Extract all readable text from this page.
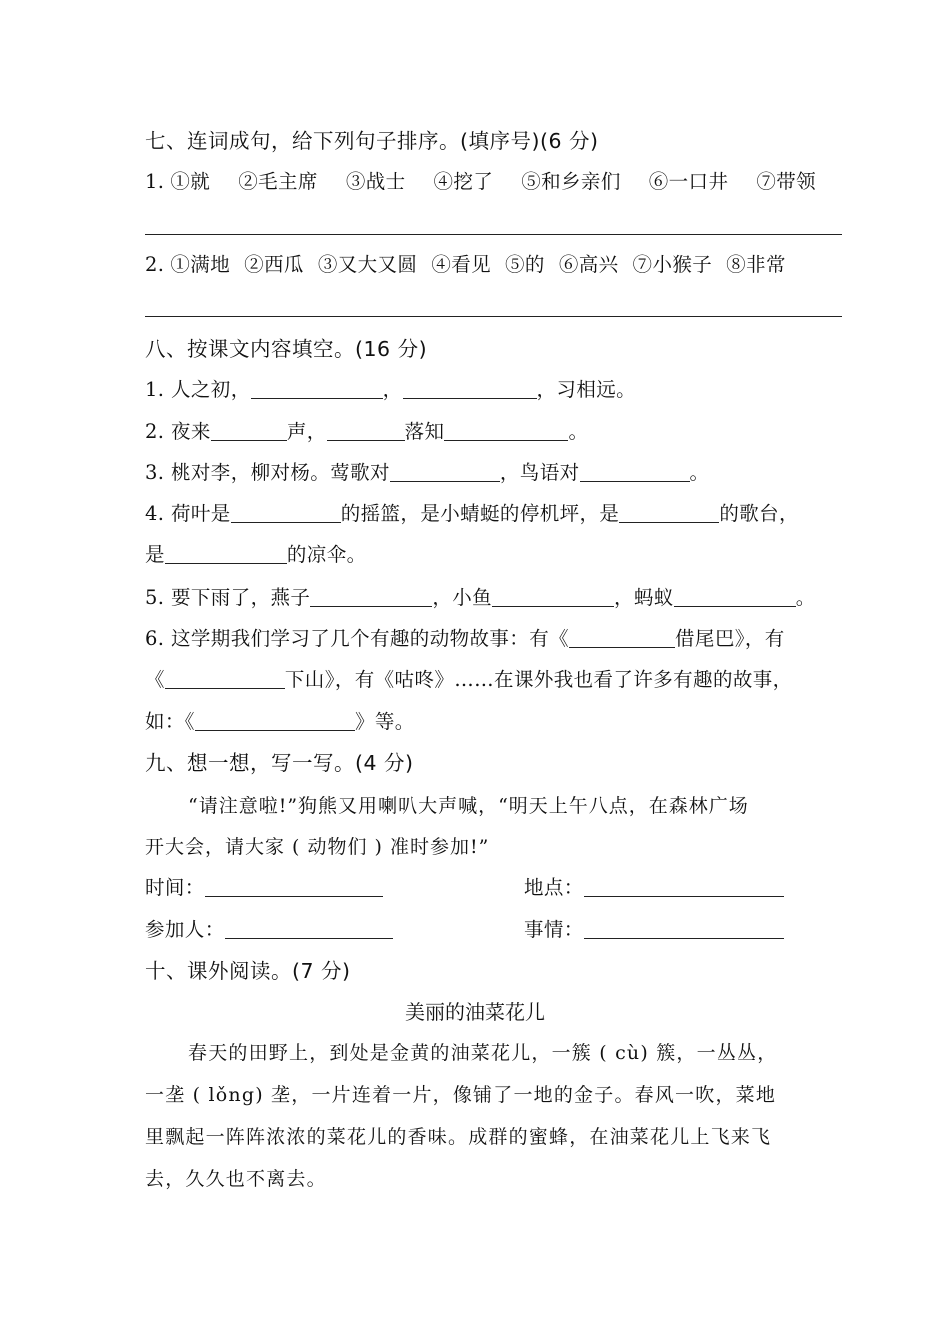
七、连词成句，给下列句子排序。(填序号)(6 分)
1. ①就 ②毛主席 ③战士 ④挖了 ⑤和乡亲们 ⑥一口井 ⑦带领
2. ①满地 ②西瓜 ③又大又圆 ④看见 ⑤的 ⑥高兴 ⑦小猴子 ⑧非常
八、按课文内容填空。(16 分)
1. 人之初，	，	，习相远。
2. 夜来	声，	落知	。
3. 桃对李，柳对杨。莺歌对	，鸟语对	。
4. 荷叶是	的摇篮，是小蜻蜓的停机坪，是	的歌台，
是	的凉伞。
5. 要下雨了，燕子	，小鱼	，蚂蚁	。
6. 这学期我们学习了几个有趣的动物故事：有《	借尾巴》，有
《	下山》，有《咕咚》……在课外我也看了许多有趣的故事，
如：《	》等。
九、想一想，写一写。(4 分)
“请注意啦!”狗熊又用喇叭大声喊，“明天上午八点，在森林广场
开大会，请大家 ( 动物们 ) 准时参加!”
时间：	地点：
参加人：	事情：
十、课外阅读。(7 分)
美丽的油菜花儿
春天的田野上，到处是金黄的油菜花儿，一簇 ( cù) 簇，一丛丛，
一垄 ( lǒng) 垄，一片连着一片，像铺了一地的金子。春风一吹，菜地
里飘起一阵阵浓浓的菜花儿的香味。成群的蜜蜂，在油菜花儿上飞来飞
去，久久也不离去。
